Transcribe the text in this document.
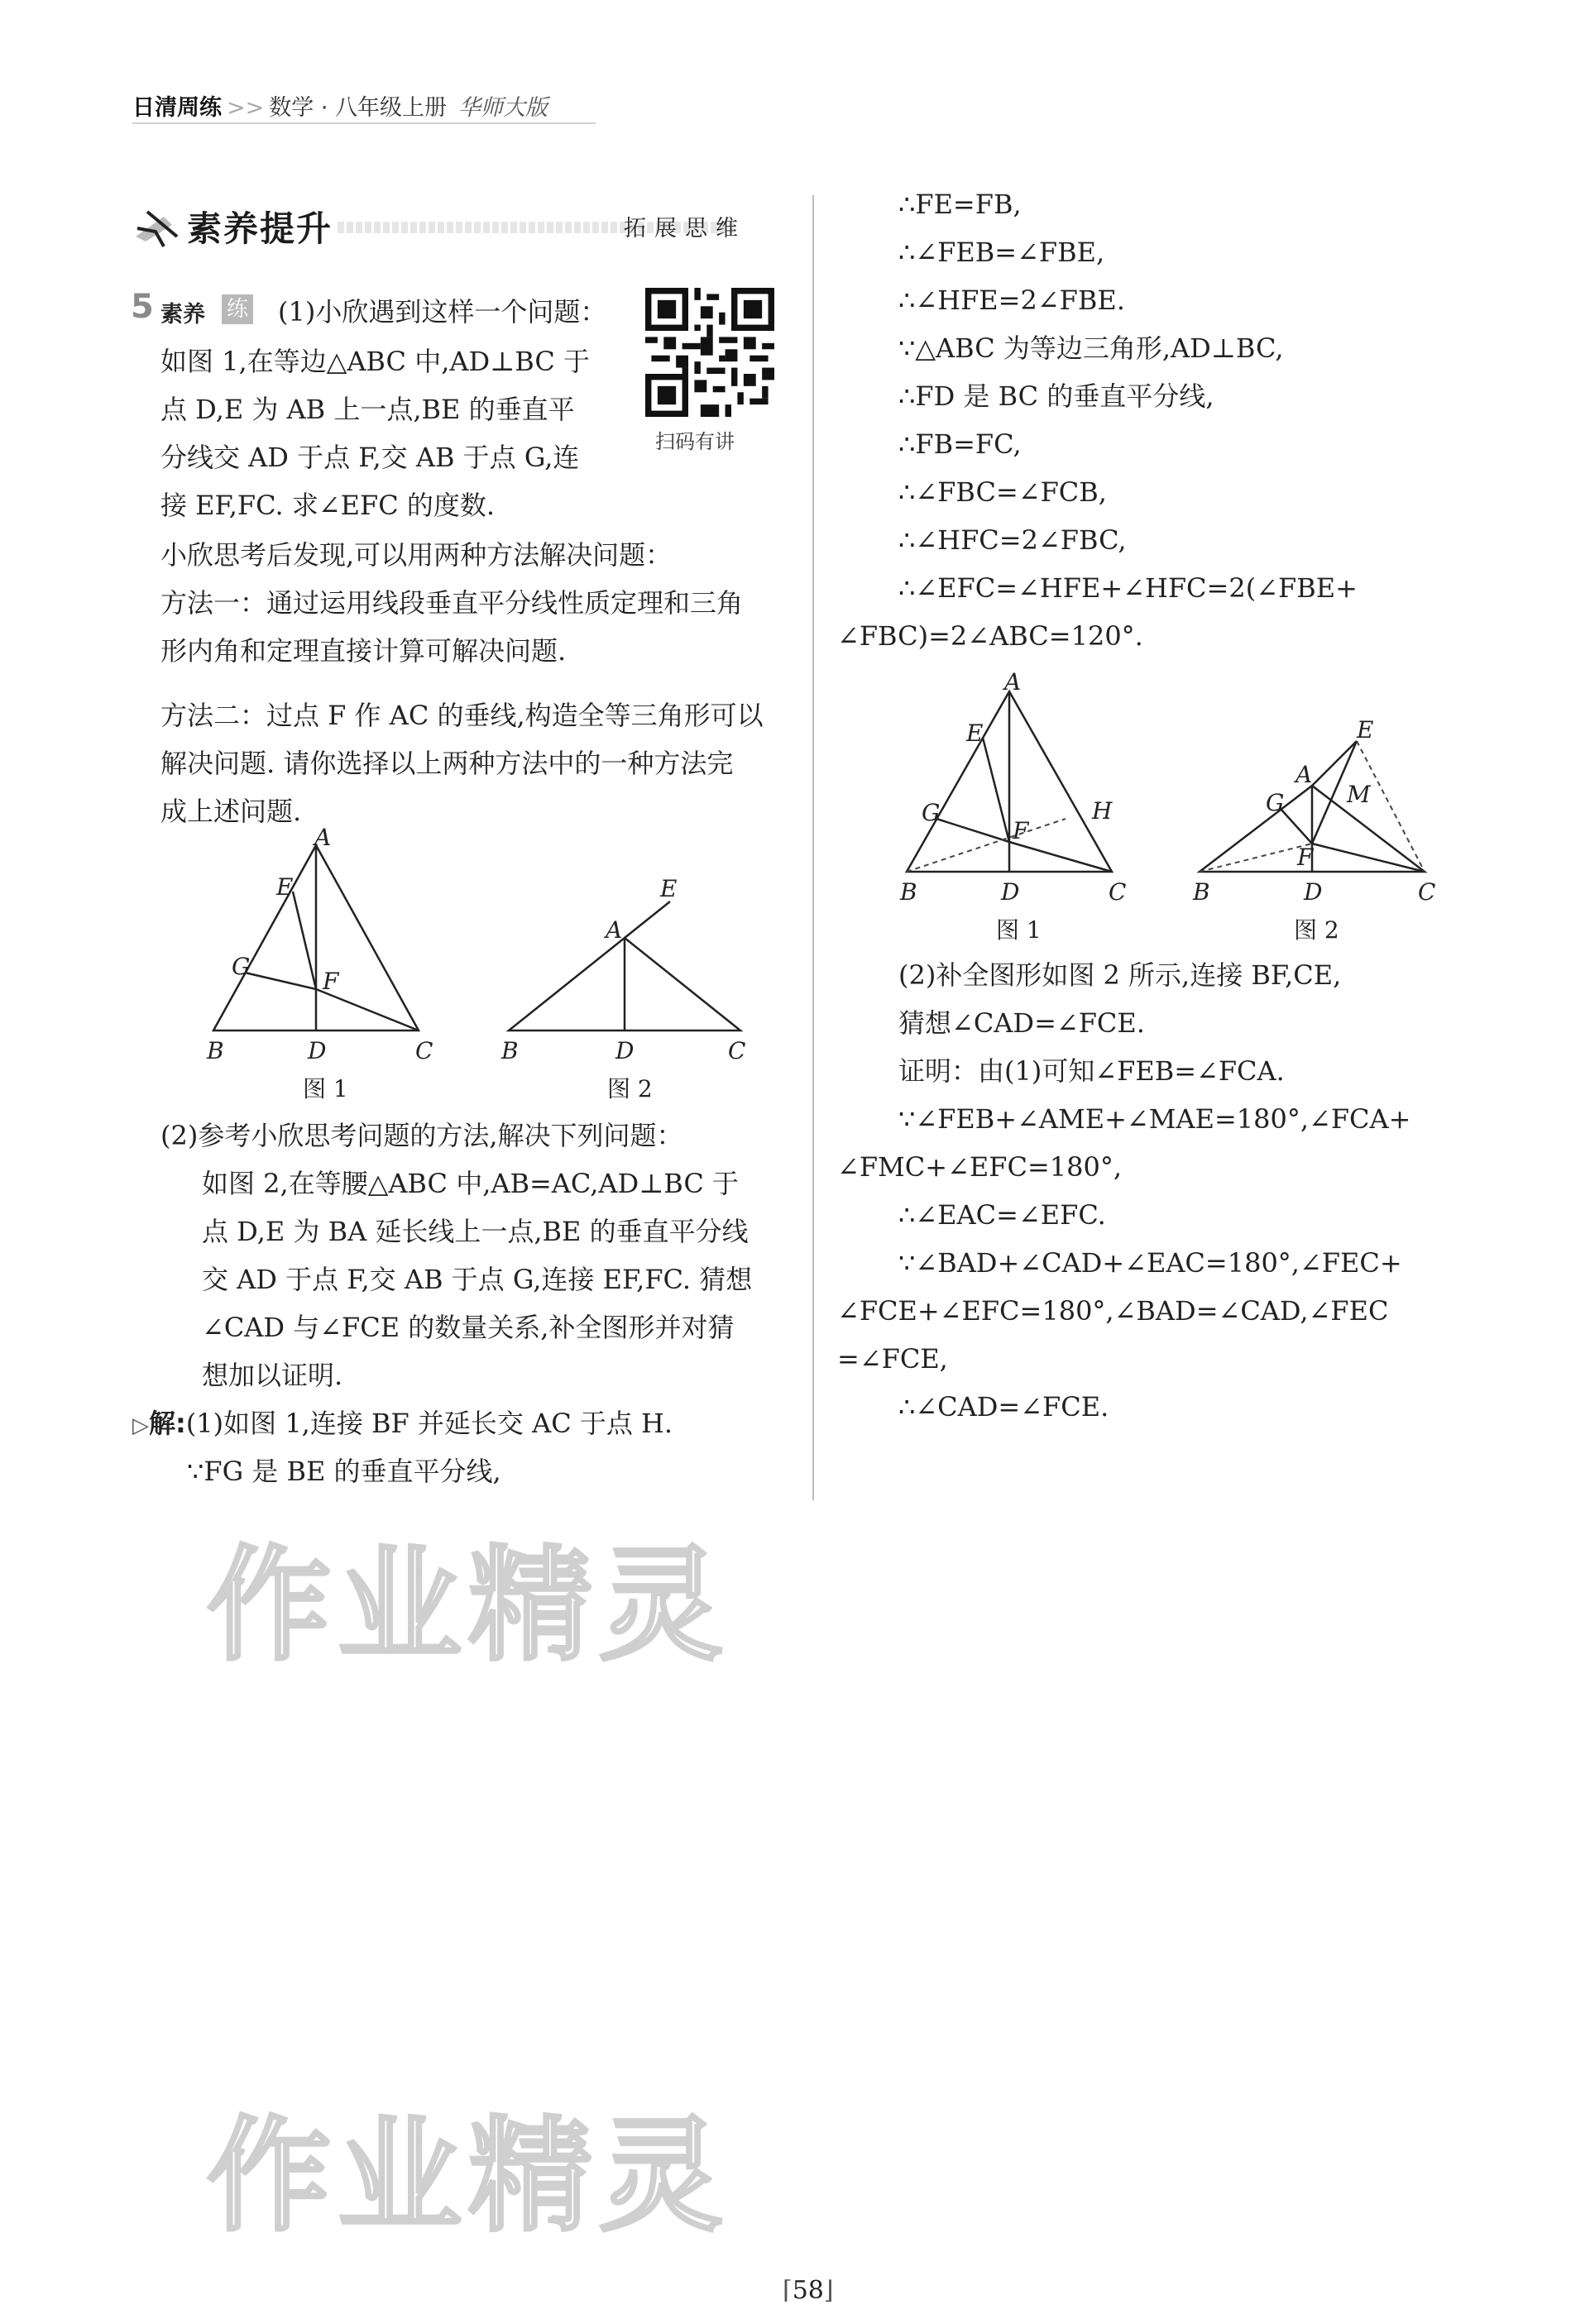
日清周练 >> 数学 · 八年级上册 华师大版
素养提升	拓展思维
5 素养 练
扫码有讲
(1)小欣遇到这样一个问题：
如图 1,在等边△ABC 中,AD⊥BC 于
点 D,E 为 AB 上一点,BE 的垂直平
分线交 AD 于点 F,交 AB 于点 G,连
接 EF,FC. 求∠EFC 的度数.
小欣思考后发现,可以用两种方法解决问题：
方法一：通过运用线段垂直平分线性质定理和三角
形内角和定理直接计算可解决问题.
方法二：过点 F 作 AC 的垂线,构造全等三角形可以
解决问题. 请你选择以上两种方法中的一种方法完
成上述问题.
A
E
G
F
B	D	C
图 1
A
E
B	D	C
图 2
(2)参考小欣思考问题的方法,解决下列问题：
如图 2,在等腰△ABC 中,AB=AC,AD⊥BC 于
点 D,E 为 BA 延长线上一点,BE 的垂直平分线
交 AD 于点 F,交 AB 于点 G,连接 EF,FC. 猜想
∠CAD 与∠FCE 的数量关系,补全图形并对猜
想加以证明.
▷解:(1)如图 1,连接 BF 并延长交 AC 于点 H.
∵FG 是 BE 的垂直平分线,
∴FE=FB,
∴∠FEB=∠FBE,
∴∠HFE=2∠FBE.
∵△ABC 为等边三角形,AD⊥BC,
∴FD 是 BC 的垂直平分线,
∴FB=FC,
∴∠FBC=∠FCB,
∴∠HFC=2∠FBC,
∴∠EFC=∠HFE+∠HFC=2(∠FBE+
∠FBC)=2∠ABC=120°.
A
E
G
F
H
B	D	C
图 1
A
E
M
G
F
B	D	C
图 2
(2)补全图形如图 2 所示,连接 BF,CE,
猜想∠CAD=∠FCE.
证明：由(1)可知∠FEB=∠FCA.
∵∠FEB+∠AME+∠MAE=180°,∠FCA+
∠FMC+∠EFC=180°,
∴∠EAC=∠EFC.
∵∠BAD+∠CAD+∠EAC=180°,∠FEC+
∠FCE+∠EFC=180°,∠BAD=∠CAD,∠FEC
=∠FCE,
∴∠CAD=∠FCE.
作业精灵
作业精灵
⌈58⌋
